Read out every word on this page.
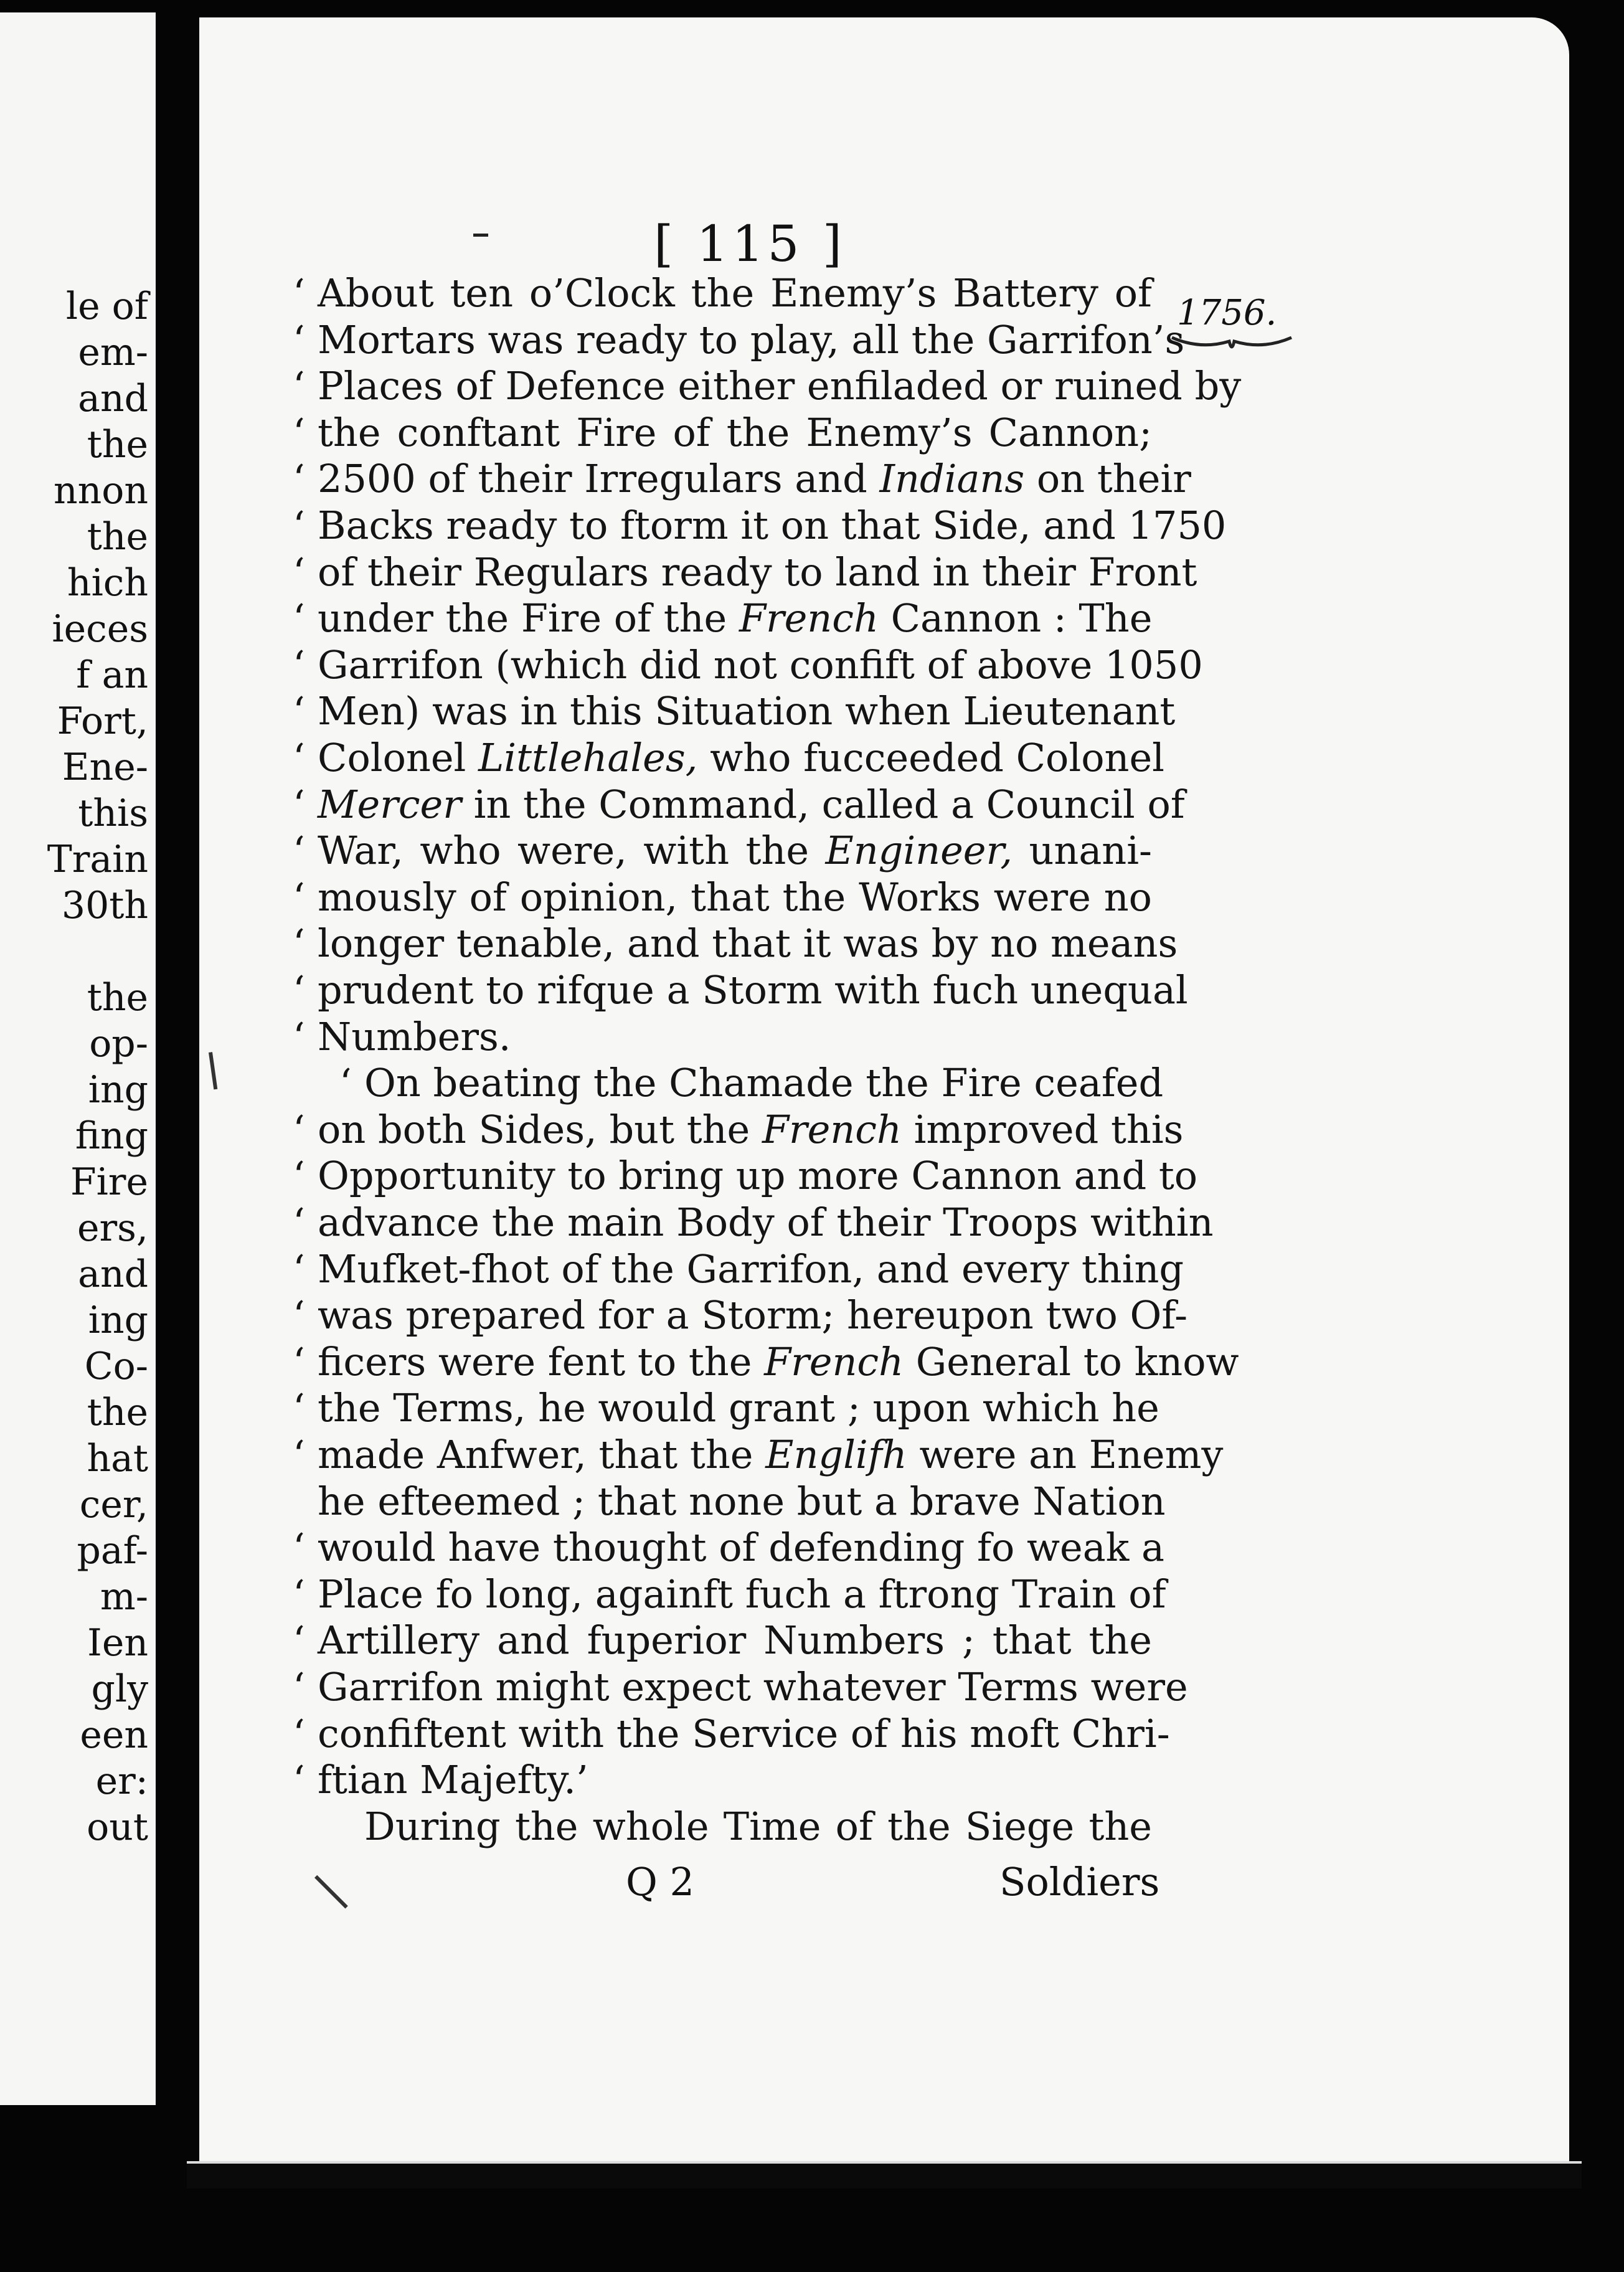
le of
em-
and
the
nnon
the
hich
ieces
f an
Fort,
Ene-
this
Train
30th
the
op-
ing
fing
Fire
ers,
and
ing
Co-
the
hat
cer,
paf-
m-
Ien
gly
een
er:
out
[ 115 ]
1756.
‘ About ten o’Clock the Enemy’s Battery of
‘ Mortars was ready to play, all the Garrifon’s
‘ Places of Defence either enfiladed or ruined by
‘ the conftant Fire of the Enemy’s Cannon;
‘ 2500 of their Irregulars and Indians on their
‘ Backs ready to ftorm it on that Side, and 1750
‘ of their Regulars ready to land in their Front
‘ under the Fire of the French Cannon : The
‘ Garrifon (which did not confift of above 1050
‘ Men) was in this Situation when Lieutenant
‘ Colonel Littlehales, who fucceeded Colonel
‘ Mercer in the Command, called a Council of
‘ War, who were, with the Engineer, unani-
‘ mously of opinion, that the Works were no
‘ longer tenable, and that it was by no means
‘ prudent to rifque a Storm with fuch unequal
‘ Numbers.
‘ On beating the Chamade the Fire ceafed
‘ on both Sides, but the French improved this
‘ Opportunity to bring up more Cannon and to
‘ advance the main Body of their Troops within
‘ Mufket-fhot of the Garrifon, and every thing
‘ was prepared for a Storm; hereupon two Of-
‘ ficers were fent to the French General to know
‘ the Terms, he would grant ; upon which he
‘ made Anfwer, that the Englifh were an Enemy
he efteemed ; that none but a brave Nation
‘ would have thought of defending fo weak a
‘ Place fo long, againft fuch a ftrong Train of
‘ Artillery and fuperior Numbers ; that the
‘ Garrifon might expect whatever Terms were
‘ confiftent with the Service of his moft Chri-
‘ ftian Majefty.’
During the whole Time of the Siege the
Q 2	Soldiers
